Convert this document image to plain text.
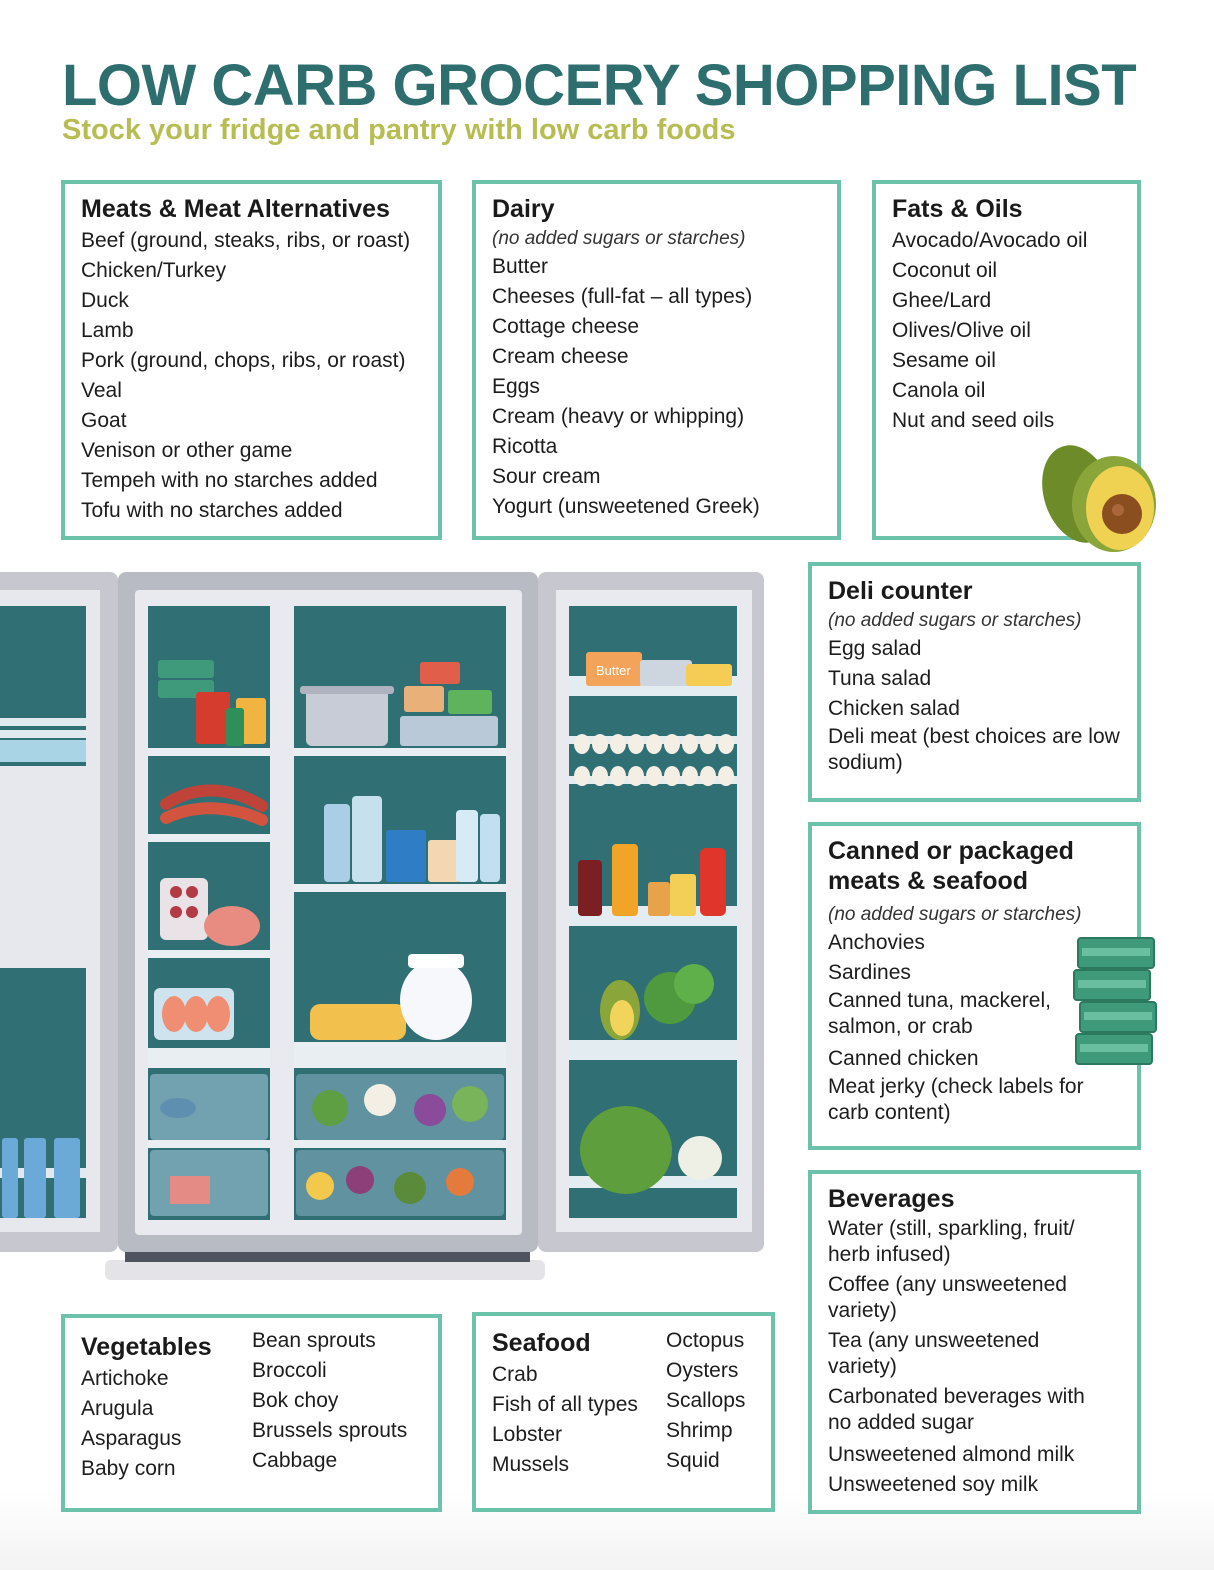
LOW CARB GROCERY SHOPPING LIST
Stock your fridge and pantry with low carb foods
Meats & Meat Alternatives
Beef (ground, steaks, ribs, or roast)
Chicken/Turkey
Duck
Lamb
Pork (ground, chops, ribs, or roast)
Veal
Goat
Venison or other game
Tempeh with no starches added
Tofu with no starches added
Dairy
(no added sugars or starches)
Butter
Cheeses (full-fat – all types)
Cottage cheese
Cream cheese
Eggs
Cream (heavy or whipping)
Ricotta
Sour cream
Yogurt (unsweetened Greek)
Fats & Oils
Avocado/Avocado oil
Coconut oil
Ghee/Lard
Olives/Olive oil
Sesame oil
Canola oil
Nut and seed oils
Butter
Deli counter
(no added sugars or starches)
Egg salad
Tuna salad
Chicken salad
Deli meat (best choices are low sodium)
Canned or packaged meats & seafood
(no added sugars or starches)
Anchovies
Sardines
Canned tuna, mackerel, salmon, or crab
Canned chicken
Meat jerky (check labels for carb content)
Beverages
Water (still, sparkling, fruit/ herb infused)
Coffee (any unsweetened variety)
Tea (any unsweetened variety)
Carbonated beverages with no added sugar
Unsweetened almond milk
Unsweetened soy milk
Vegetables
Artichoke
Arugula
Asparagus
Baby corn
Bean sprouts
Broccoli
Bok choy
Brussels sprouts
Cabbage
Seafood
Crab
Fish of all types
Lobster
Mussels
Octopus
Oysters
Scallops
Shrimp
Squid
